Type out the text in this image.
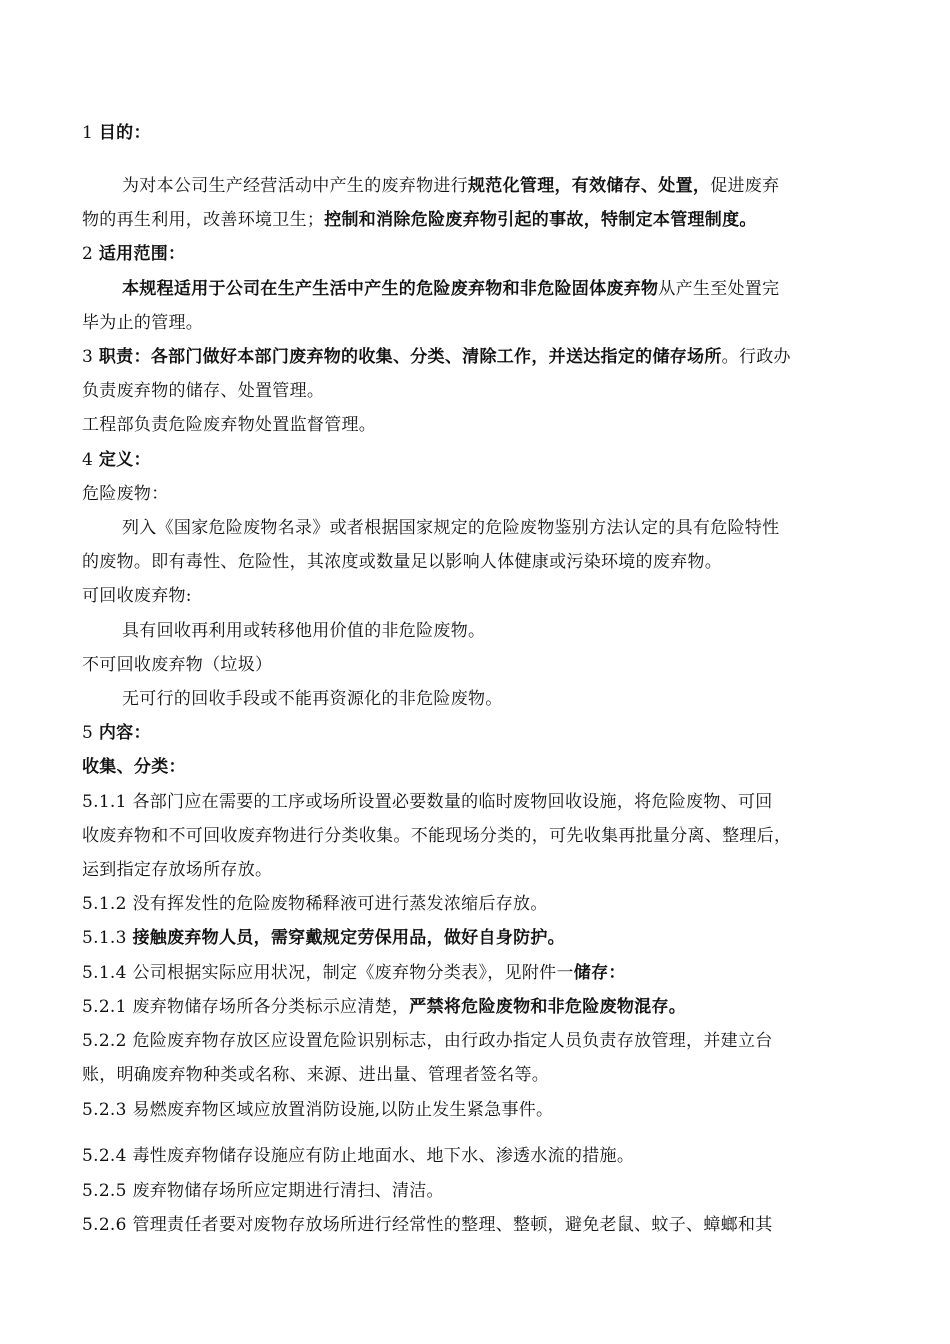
1 目的：
为对本公司生产经营活动中产生的废弃物进行规范化管理，有效储存、处置，促进废弃
物的再生利用，改善环境卫生；控制和消除危险废弃物引起的事故，特制定本管理制度。
2 适用范围：
本规程适用于公司在生产生活中产生的危险废弃物和非危险固体废弃物从产生至处置完
毕为止的管理。
3 职责：各部门做好本部门废弃物的收集、分类、清除工作，并送达指定的储存场所。行政办
负责废弃物的储存、处置管理。
工程部负责危险废弃物处置监督管理。
4 定义：
危险废物：
列入《国家危险废物名录》或者根据国家规定的危险废物鉴别方法认定的具有危险特性
的废物。即有毒性、危险性，其浓度或数量足以影响人体健康或污染环境的废弃物。
可回收废弃物:
具有回收再利用或转移他用价值的非危险废物。
不可回收废弃物（垃圾）
无可行的回收手段或不能再资源化的非危险废物。
5 内容：
收集、分类：
5.1.1 各部门应在需要的工序或场所设置必要数量的临时废物回收设施，将危险废物、可回
收废弃物和不可回收废弃物进行分类收集。不能现场分类的，可先收集再批量分离、整理后，
运到指定存放场所存放。
5.1.2 没有挥发性的危险废物稀释液可进行蒸发浓缩后存放。
5.1.3 接触废弃物人员，需穿戴规定劳保用品，做好自身防护。
5.1.4 公司根据实际应用状况，制定《废弃物分类表》，见附件一储存：
5.2.1 废弃物储存场所各分类标示应清楚，严禁将危险废物和非危险废物混存。
5.2.2 危险废弃物存放区应设置危险识别标志，由行政办指定人员负责存放管理，并建立台
账，明确废弃物种类或名称、来源、进出量、管理者签名等。
5.2.3 易燃废弃物区域应放置消防设施,以防止发生紧急事件。
5.2.4 毒性废弃物储存设施应有防止地面水、地下水、渗透水流的措施。
5.2.5 废弃物储存场所应定期进行清扫、清洁。
5.2.6 管理责任者要对废物存放场所进行经常性的整理、整顿，避免老鼠、蚊子、蟑螂和其
